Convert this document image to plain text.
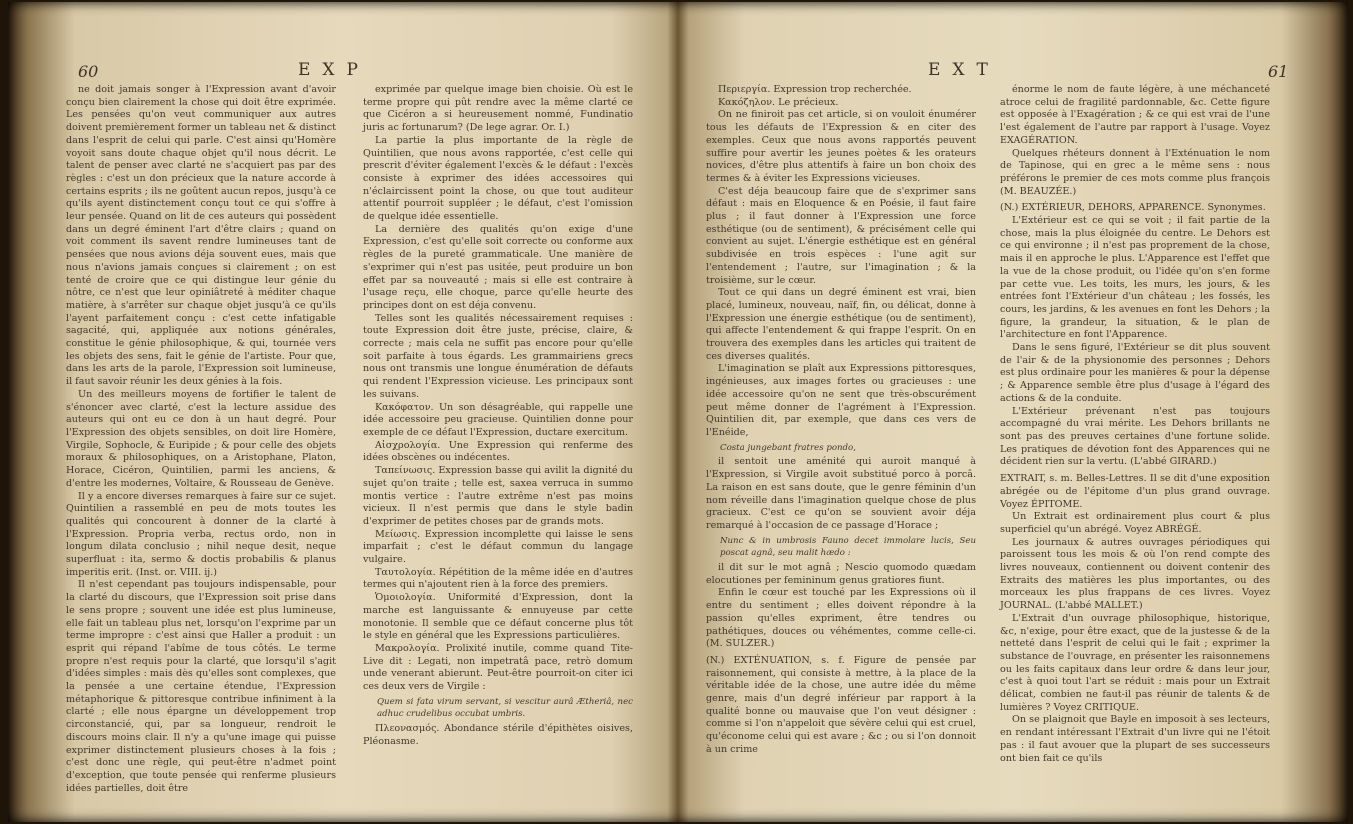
60	EXP

ne doit jamais songer à l'Expression avant d'avoir conçu bien clairement la chose qui doit être exprimée. Les pensées qu'on veut communiquer aux autres doivent premièrement former un tableau net & distinct dans l'esprit de celui qui parle. C'est ainsi qu'Homère voyoit sans doute chaque objet qu'il nous décrit. Le talent de penser avec clarté ne s'acquiert pas par des règles : c'est un don précieux que la nature accorde à certains esprits ; ils ne goûtent aucun repos, jusqu'à ce qu'ils ayent distinctement conçu tout ce qui s'offre à leur pensée. Quand on lit de ces auteurs qui possèdent dans un degré éminent l'art d'être clairs ; quand on voit comment ils savent rendre lumineuses tant de pensées que nous avions déja souvent eues, mais que nous n'avions jamais conçues si clairement ; on est tenté de croire que ce qui distingue leur génie du nôtre, ce n'est que leur opiniâtreté à méditer chaque matière, à s'arrêter sur chaque objet jusqu'à ce qu'ils l'ayent parfaitement conçu : c'est cette infatigable sagacité, qui, appliquée aux notions générales, constitue le génie philosophique, & qui, tournée vers les objets des sens, fait le génie de l'artiste. Pour que, dans les arts de la parole, l'Expression soit lumineuse, il faut savoir réunir les deux génies à la fois.

Un des meilleurs moyens de fortifier le talent de s'énoncer avec clarté, c'est la lecture assidue des auteurs qui ont eu ce don à un haut degré. Pour l'Expression des objets sensibles, on doit lire Homère, Virgile, Sophocle, & Euripide ; & pour celle des objets moraux & philosophiques, on a Aristophane, Platon, Horace, Cicéron, Quintilien, parmi les anciens, & d'entre les modernes, Voltaire, & Rousseau de Genève.

Il y a encore diverses remarques à faire sur ce sujet. Quintilien a rassemblé en peu de mots toutes les qualités qui concourent à donner de la clarté à l'Expression. Propria verba, rectus ordo, non in longum dilata conclusio ; nihil neque desit, neque superfluat : ita, sermo & doctis probabilis & planus imperitis erit. (Inst. or. VIII. ij.)

Il n'est cependant pas toujours indispensable, pour la clarté du discours, que l'Expression soit prise dans le sens propre ; souvent une idée est plus lumineuse, elle fait un tableau plus net, lorsqu'on l'exprime par un terme impropre : c'est ainsi que Haller a produit : un esprit qui répand l'abîme de tous côtés. Le terme propre n'est requis pour la clarté, que lorsqu'il s'agit d'idées simples : mais dès qu'elles sont complexes, que la pensée a une certaine étendue, l'Expression métaphorique & pittoresque contribue infiniment à la clarté ; elle nous épargne un développement trop circonstancié, qui, par sa longueur, rendroit le discours moins clair. Il n'y a qu'une image qui puisse exprimer distinctement plusieurs choses à la fois ; c'est donc une règle, qui peut-être n'admet point d'exception, que toute pensée qui renferme plusieurs idées partielles, doit être

exprimée par quelque image bien choisie. Où est le terme propre qui pût rendre avec la même clarté ce que Cicéron a si heureusement nommé, Fundinatio juris ac fortunarum? (De lege agrar. Or. I.)

La partie la plus importante de la règle de Quintilien, que nous avons rapportée, c'est celle qui prescrit d'éviter également l'excès & le défaut : l'excès consiste à exprimer des idées accessoires qui n'éclaircissent point la chose, ou que tout auditeur attentif pourroit suppléer ; le défaut, c'est l'omission de quelque idée essentielle.

La dernière des qualités qu'on exige d'une Expression, c'est qu'elle soit correcte ou conforme aux règles de la pureté grammaticale. Une manière de s'exprimer qui n'est pas usitée, peut produire un bon effet par sa nouveauté ; mais si elle est contraire à l'usage reçu, elle choque, parce qu'elle heurte des principes dont on est déja convenu.

Telles sont les qualités nécessairement requises : toute Expression doit être juste, précise, claire, & correcte ; mais cela ne suffit pas encore pour qu'elle soit parfaite à tous égards. Les grammairiens grecs nous ont transmis une longue énumération de défauts qui rendent l'Expression vicieuse. Les principaux sont les suivans.

Κακόφατον. Un son désagréable, qui rappelle une idée accessoire peu gracieuse. Quintilien donne pour exemple de ce défaut l'Expression, ductare exercitum.

Αἰσχρολογία. Une Expression qui renferme des idées obscènes ou indécentes.

Ταπείνωσις. Expression basse qui avilit la dignité du sujet qu'on traite ; telle est, saxea verruca in summo montis vertice : l'autre extrême n'est pas moins vicieux. Il n'est permis que dans le style badin d'exprimer de petites choses par de grands mots.

Μείωσις. Expression incomplette qui laisse le sens imparfait ; c'est le défaut commun du langage vulgaire.

Ταυτολογία. Répétition de la même idée en d'autres termes qui n'ajoutent rien à la force des premiers.

Ὁμοιολογία. Uniformité d'Expression, dont la marche est languissante & ennuyeuse par cette monotonie. Il semble que ce défaut concerne plus tôt le style en général que les Expressions particulières.

Μακρολογία. Prolixité inutile, comme quand Tite-Live dit : Legati, non impetratâ pace, retrò domum unde venerant abierunt. Peut-être pourroit-on citer ici ces deux vers de Virgile :

Quem si fata virum servant, si vescitur aurâ Ætheriâ, nec adhuc crudelibus occubat umbris.

Πλεονασμός. Abondance stérile d'épithètes oisives, Pléonasme.

EXT	61

Περιεργία. Expression trop recherchée.

Κακόζηλον. Le précieux.

On ne finiroit pas cet article, si on vouloit énumérer tous les défauts de l'Expression & en citer des exemples. Ceux que nous avons rapportés peuvent suffire pour avertir les jeunes poètes & les orateurs novices, d'être plus attentifs à faire un bon choix des termes & à éviter les Expressions vicieuses.

C'est déja beaucoup faire que de s'exprimer sans défaut : mais en Eloquence & en Poésie, il faut faire plus ; il faut donner à l'Expression une force esthétique (ou de sentiment), & précisément celle qui convient au sujet. L'énergie esthétique est en général subdivisée en trois espèces : l'une agit sur l'entendement ; l'autre, sur l'imagination ; & la troisième, sur le cœur.

Tout ce qui dans un degré éminent est vrai, bien placé, lumineux, nouveau, naïf, fin, ou délicat, donne à l'Expression une énergie esthétique (ou de sentiment), qui affecte l'entendement & qui frappe l'esprit. On en trouvera des exemples dans les articles qui traitent de ces diverses qualités.

L'imagination se plaît aux Expressions pittoresques, ingénieuses, aux images fortes ou gracieuses : une idée accessoire qu'on ne sent que très-obscurément peut même donner de l'agrément à l'Expression. Quintilien dit, par exemple, que dans ces vers de l'Enéide,

Costa jungebant fratres pondo,

il sentoit une aménité qui auroit manqué à l'Expression, si Virgile avoit substitué porco à porcâ. La raison en est sans doute, que le genre féminin d'un nom réveille dans l'imagination quelque chose de plus gracieux. C'est ce qu'on se souvient avoir déja remarqué à l'occasion de ce passage d'Horace ;

Nunc & in umbrosis Fauno decet immolare lucis, Seu poscat agnâ, seu malit hædo :

il dit sur le mot agnâ ; Nescio quomodo quædam elocutiones per femininum genus gratiores fiunt.

Enfin le cœur est touché par les Expressions où il entre du sentiment ; elles doivent répondre à la passion qu'elles expriment, être tendres ou pathétiques, douces ou véhémentes, comme celle-ci. (M. SULZER.)

(N.) EXTÉNUATION, s. f. Figure de pensée par raisonnement, qui consiste à mettre, à la place de la véritable idée de la chose, une autre idée du même genre, mais d'un degré inférieur par rapport à la qualité bonne ou mauvaise que l'on veut désigner : comme si l'on n'appeloit que sévère celui qui est cruel, qu'économe celui qui est avare ; &c ; ou si l'on donnoit à un crime

énorme le nom de faute légère, à une méchanceté atroce celui de fragilité pardonnable, &c. Cette figure est opposée à l'Exagération ; & ce qui est vrai de l'une l'est également de l'autre par rapport à l'usage. Voyez EXAGÉRATION.

Quelques rhéteurs donnent à l'Exténuation le nom de Tapinose, qui en grec a le même sens : nous préférons le premier de ces mots comme plus françois (M. BEAUZÉE.)

(N.) EXTÉRIEUR, DEHORS, APPARENCE. Synonymes.

L'Extérieur est ce qui se voit ; il fait partie de la chose, mais la plus éloignée du centre. Le Dehors est ce qui environne ; il n'est pas proprement de la chose, mais il en approche le plus. L'Apparence est l'effet que la vue de la chose produit, ou l'idée qu'on s'en forme par cette vue. Les toits, les murs, les jours, & les entrées font l'Extérieur d'un château ; les fossés, les cours, les jardins, & les avenues en font les Dehors ; la figure, la grandeur, la situation, & le plan de l'architecture en font l'Apparence.

Dans le sens figuré, l'Extérieur se dit plus souvent de l'air & de la physionomie des personnes ; Dehors est plus ordinaire pour les manières & pour la dépense ; & Apparence semble être plus d'usage à l'égard des actions & de la conduite.

L'Extérieur prévenant n'est pas toujours accompagné du vrai mérite. Les Dehors brillants ne sont pas des preuves certaines d'une fortune solide. Les pratiques de dévotion font des Apparences qui ne décident rien sur la vertu. (L'abbé GIRARD.)

EXTRAIT, s. m. Belles-Lettres. Il se dit d'une exposition abrégée ou de l'épitome d'un plus grand ouvrage. Voyez ÉPITOME.

Un Extrait est ordinairement plus court & plus superficiel qu'un abrégé. Voyez ABRÉGÉ.

Les journaux & autres ouvrages périodiques qui paroissent tous les mois & où l'on rend compte des livres nouveaux, contiennent ou doivent contenir des Extraits des matières les plus importantes, ou des morceaux les plus frappans de ces livres. Voyez JOURNAL. (L'abbé MALLET.)

L'Extrait d'un ouvrage philosophique, historique, &c, n'exige, pour être exact, que de la justesse & de la netteté dans l'esprit de celui qui le fait ; exprimer la substance de l'ouvrage, en présenter les raisonnemens ou les faits capitaux dans leur ordre & dans leur jour, c'est à quoi tout l'art se réduit : mais pour un Extrait délicat, combien ne faut-il pas réunir de talents & de lumières ? Voyez CRITIQUE.

On se plaignoit que Bayle en imposoit à ses lecteurs, en rendant intéressant l'Extrait d'un livre qui ne l'étoit pas : il faut avouer que la plupart de ses successeurs ont bien fait ce qu'ils
